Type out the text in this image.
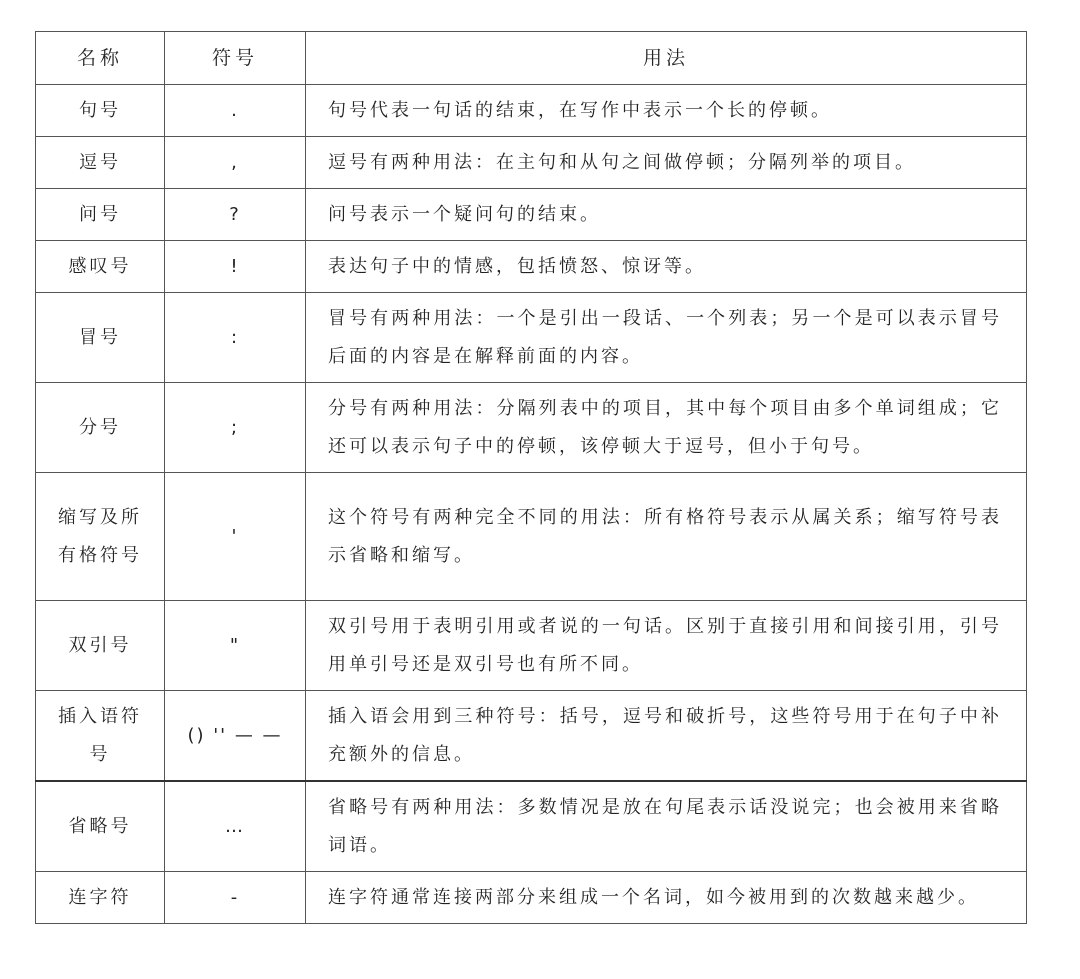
名称	符号	用法
句号	.	句号代表一句话的结束，在写作中表示一个长的停顿。
逗号	,	逗号有两种用法：在主句和从句之间做停顿；分隔列举的项目。
问号	?	问号表示一个疑问句的结束。
感叹号	!	表达句子中的情感，包括愤怒、惊讶等。
冒号	:	冒号有两种用法：一个是引出一段话、一个列表；另一个是可以表示冒号后面的内容是在解释前面的内容。
分号	;	分号有两种用法：分隔列表中的项目，其中每个项目由多个单词组成；它还可以表示句子中的停顿，该停顿大于逗号，但小于句号。
缩写及所有格符号	'	这个符号有两种完全不同的用法：所有格符号表示从属关系；缩写符号表示省略和缩写。
双引号	"	双引号用于表明引用或者说的一句话。区别于直接引用和间接引用，引号用单引号还是双引号也有所不同。
插入语符号	() '' — —	插入语会用到三种符号：括号，逗号和破折号，这些符号用于在句子中补充额外的信息。
省略号	…	省略号有两种用法：多数情况是放在句尾表示话没说完；也会被用来省略词语。
连字符	-	连字符通常连接两部分来组成一个名词，如今被用到的次数越来越少。
